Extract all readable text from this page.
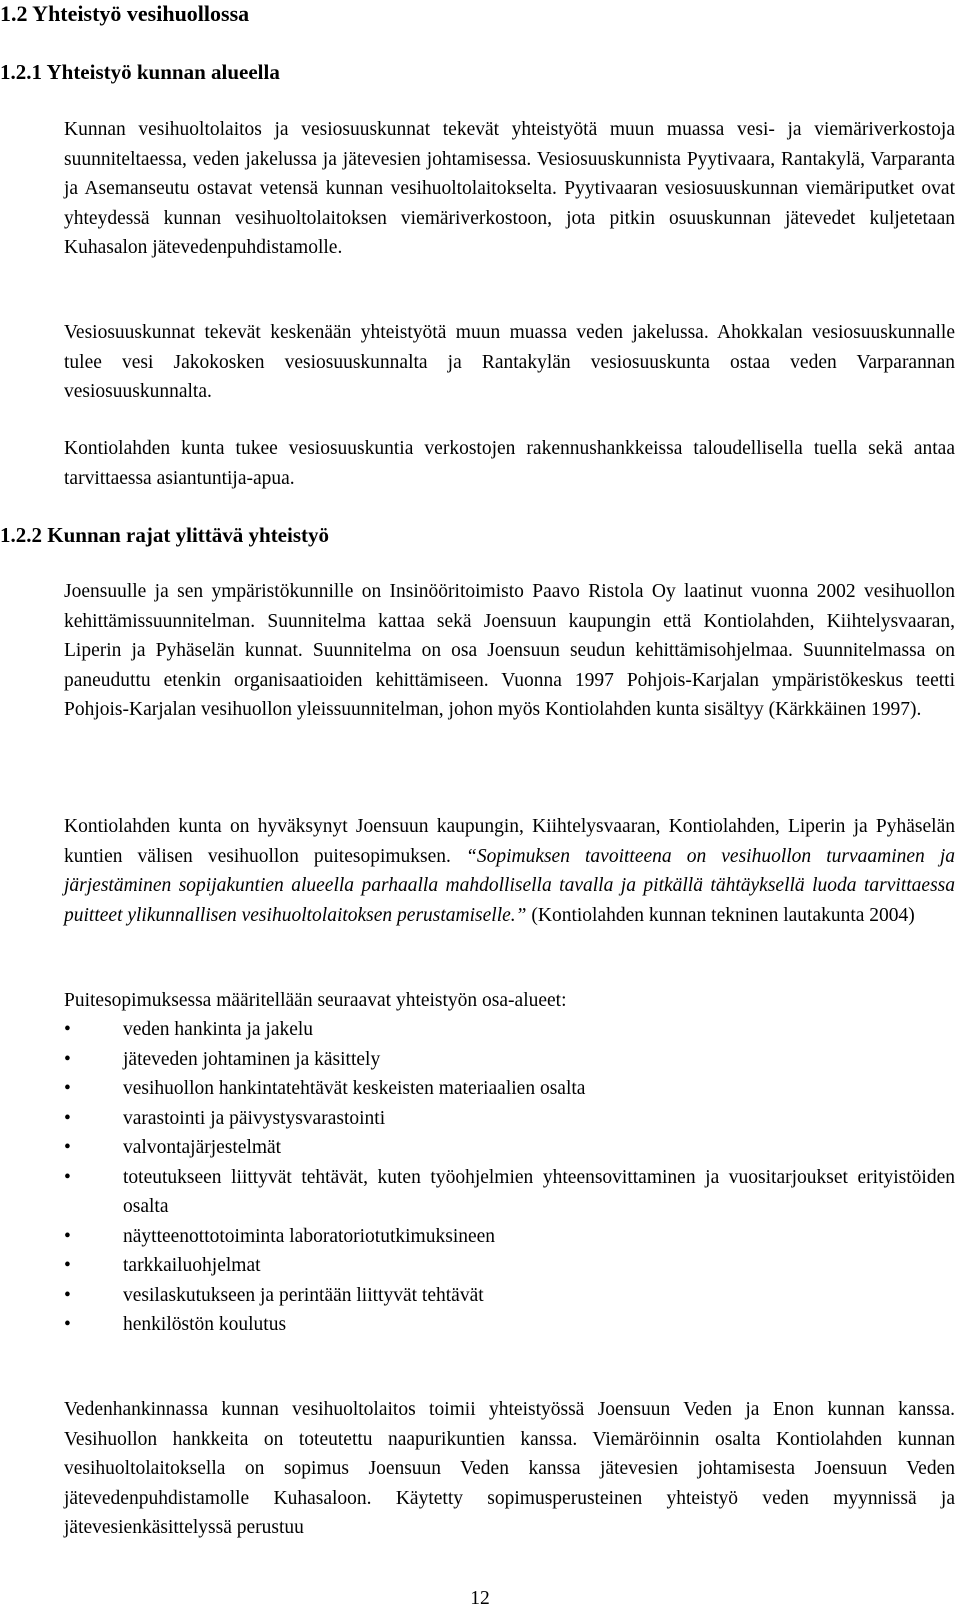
1.2 Yhteistyö vesihuollossa
1.2.1 Yhteistyö kunnan alueella

Kunnan vesihuoltolaitos ja vesiosuuskunnat tekevät yhteistyötä muun muassa vesi- ja viemäriverkostoja suunniteltaessa, veden jakelussa ja jätevesien johtamisessa. Vesiosuuskunnista Pyytivaara, Rantakylä, Varparanta ja Asemanseutu ostavat vetensä kunnan vesihuoltolaitokselta. Pyytivaaran vesiosuuskunnan viemäriputket ovat yhteydessä kunnan vesihuoltolaitoksen viemäriverkostoon, jota pitkin osuuskunnan jätevedet kuljetetaan Kuhasalon jätevedenpuhdistamolle.

Vesiosuuskunnat tekevät keskenään yhteistyötä muun muassa veden jakelussa. Ahokkalan vesiosuuskunnalle tulee vesi Jakokosken vesiosuuskunnalta ja Rantakylän vesiosuuskunta ostaa veden Varparannan vesiosuuskunnalta.

Kontiolahden kunta tukee vesiosuuskuntia verkostojen rakennushankkeissa taloudellisella tuella sekä antaa tarvittaessa asiantuntija-apua.

1.2.2 Kunnan rajat ylittävä yhteistyö

Joensuulle ja sen ympäristökunnille on Insinööritoimisto Paavo Ristola Oy laatinut vuonna 2002 vesihuollon kehittämissuunnitelman. Suunnitelma kattaa sekä Joensuun kaupungin että Kontiolahden, Kiihtelysvaaran, Liperin ja Pyhäselän kunnat. Suunnitelma on osa Joensuun seudun kehittämisohjelmaa. Suunnitelmassa on paneuduttu etenkin organisaatioiden kehittämiseen. Vuonna 1997 Pohjois-Karjalan ympäristökeskus teetti Pohjois-Karjalan vesihuollon yleissuunnitelman, johon myös Kontiolahden kunta sisältyy (Kärkkäinen 1997).

Kontiolahden kunta on hyväksynyt Joensuun kaupungin, Kiihtelysvaaran, Kontiolahden, Liperin ja Pyhäselän kuntien välisen vesihuollon puitesopimuksen. “Sopimuksen tavoitteena on vesihuollon turvaaminen ja järjestäminen sopijakuntien alueella parhaalla mahdollisella tavalla ja pitkällä tähtäyksellä luoda tarvittaessa puitteet ylikunnallisen vesihuoltolaitoksen perustamiselle.” (Kontiolahden kunnan tekninen lautakunta 2004)

Puitesopimuksessa määritellään seuraavat yhteistyön osa-alueet:

•	veden hankinta ja jakelu
•	jäteveden johtaminen ja käsittely
•	vesihuollon hankintatehtävät keskeisten materiaalien osalta
•	varastointi ja päivystysvarastointi
•	valvontajärjestelmät
•	toteutukseen liittyvät tehtävät, kuten työohjelmien yhteensovittaminen ja vuositarjoukset erityistöiden osalta
•	näytteenottotoiminta laboratoriotutkimuksineen
•	tarkkailuohjelmat
•	vesilaskutukseen ja perintään liittyvät tehtävät
•	henkilöstön koulutus

Vedenhankinnassa kunnan vesihuoltolaitos toimii yhteistyössä Joensuun Veden ja Enon kunnan kanssa. Vesihuollon hankkeita on toteutettu naapurikuntien kanssa. Viemäröinnin osalta Kontiolahden kunnan vesihuoltolaitoksella on sopimus Joensuun Veden kanssa jätevesien johtamisesta Joensuun Veden jätevedenpuhdistamolle Kuhasaloon. Käytetty sopimusperusteinen yhteistyö veden myynnissä ja jätevesienkäsittelyssä perustuu

12
